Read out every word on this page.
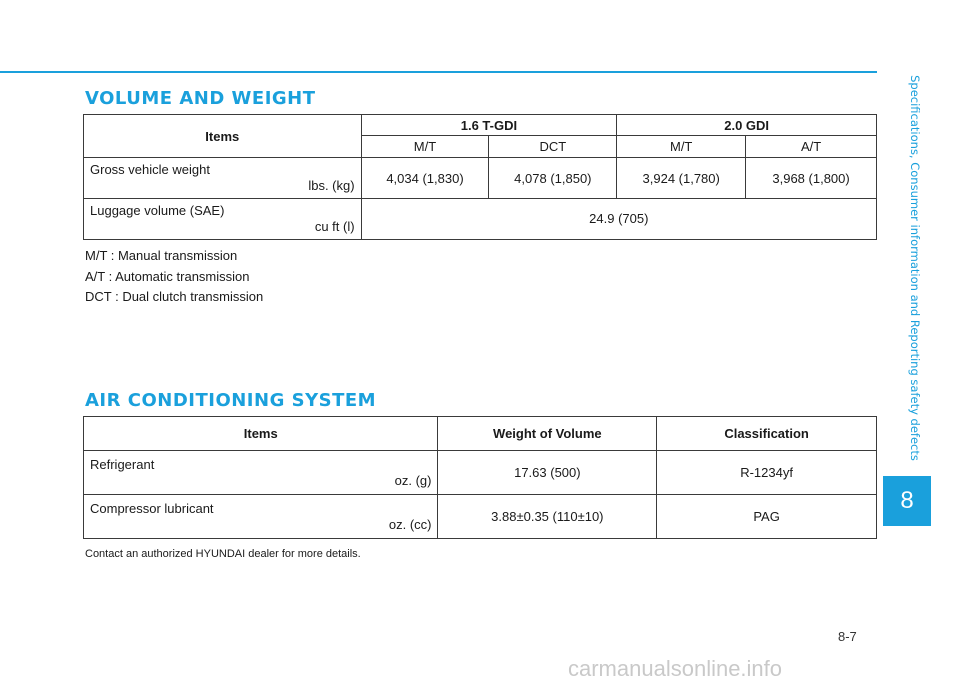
VOLUME AND WEIGHT
Items	1.6 T-GDI		2.0 GDI	
	M/T	DCT	M/T	A/T
Gross vehicle weight
lbs. (kg)	4,034 (1,830)	4,078 (1,850)	3,924 (1,780)	3,968 (1,800)
Luggage volume (SAE)
cu ft (l)	24.9 (705)			
M/T : Manual transmission
A/T : Automatic transmission
DCT : Dual clutch transmission
AIR CONDITIONING SYSTEM
Items	Weight of Volume	Classification
Refrigerant
oz. (g)	17.63 (500)	R-1234yf
Compressor lubricant
oz. (cc)	3.88±0.35 (110±10)	PAG
Contact an authorized HYUNDAI dealer for more details.
Specifications, Consumer information and Reporting safety defects
8
8-7
carmanualsonline.info
